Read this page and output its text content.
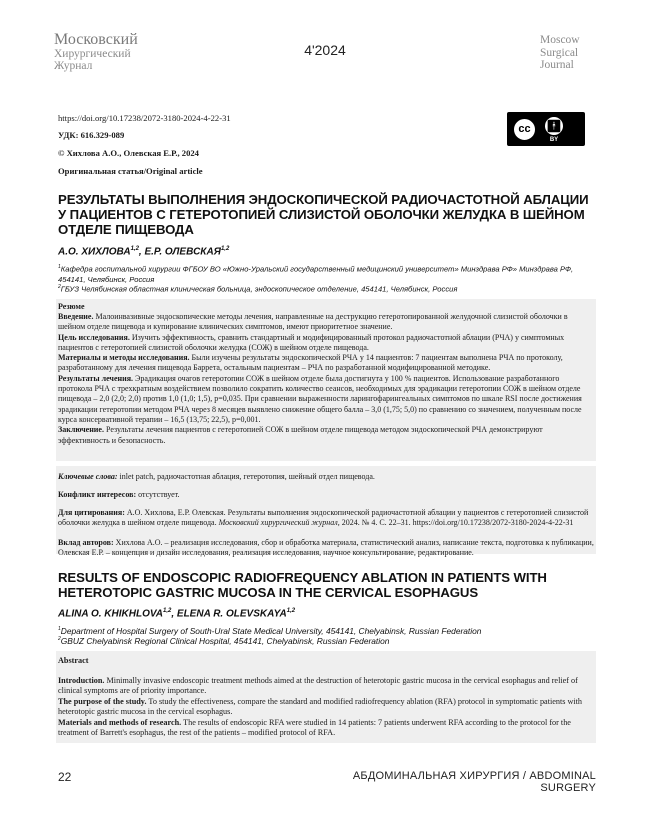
Московский
Хирургический
Журнал
4'2024
Moscow
Surgical
Journal
https://doi.org/10.17238/2072-3180-2024-4-22-31
УДК: 616.329-089
© Хихлова А.О., Олевская Е.Р., 2024
Оригинальная статья/Original article
cc 🚹︎
BY
РЕЗУЛЬТАТЫ ВЫПОЛНЕНИЯ ЭНДОСКОПИЧЕСКОЙ РАДИОЧАСТОТНОЙ АБЛАЦИИ У ПАЦИЕНТОВ С ГЕТЕРОТОПИЕЙ СЛИЗИСТОЙ ОБОЛОЧКИ ЖЕЛУДКА В ШЕЙНОМ ОТДЕЛЕ ПИЩЕВОДА
А.О. ХИХЛОВА$^{1,2}$, Е.Р. ОЛЕВСКАЯ$^{1,2}$
$^1$Кафедра госпитальной хирургии ФГБОУ ВО «Южно-Уральский государственный медицинский университет» Минздрава РФ» Минздрава РФ, 454141, Челябинск, Россия
$^2$ГБУЗ Челябинская областная клиническая больница, эндоскопическое отделение, 454141, Челябинск, Россия
Резюме
Введение. Малоинвазивные эндоскопические методы лечения, направленные на деструкцию гетеротопированной желудочной слизистой оболочки в шейном отделе пищевода и купирование клинических симптомов, имеют приоритетное значение.
Цель исследования. Изучить эффективность, сравнить стандартный и модифицированный протокол радиочастотной аблации (РЧА) у симптомных пациентов с гетеротопией слизистой оболочки желудка (СОЖ) в шейном отделе пищевода.
Материалы и методы исследования. Были изучены результаты эндоскопической РЧА у 14 пациентов: 7 пациентам выполнена РЧА по протоколу, разработанному для лечения пищевода Баррета, остальным пациентам – РЧА по разработанной модифицированной методике.
Результаты лечения. Эрадикация очагов гетеротопии СОЖ в шейном отделе была достигнута у 100 % пациентов. Использование разработанного протокола РЧА с трехкратным воздействием позволило сократить количество сеансов, необходимых для эрадикации гетеротопии СОЖ в шейном отделе пищевода – 2,0 (2,0; 2,0) против 1,0 (1,0; 1,5), p=0,035. При сравнении выраженности ларингофарингеальных симптомов по шкале RSI после достижения эрадикации гетеротопии методом РЧА через 8 месяцев выявлено снижение общего балла – 3,0 (1,75; 5,0) по сравнению со значением, полученным после курса консервативной терапии – 16,5 (13,75; 22,5), p=0,001.
Заключение. Результаты лечения пациентов с гетеротопией СОЖ в шейном отделе пищевода методом эндоскопической РЧА демонстрируют эффективность и безопасность.
Ключевые слова: inlet patch, радиочастотная аблация, гетеротопия, шейный отдел пищевода.
Конфликт интересов: отсутствует.
Для цитирования: А.О. Хихлова, Е.Р. Олевская. Результаты выполнения эндоскопической радиочастотной аблации у пациентов с гетеротопией слизистой оболочки желудка в шейном отделе пищевода. Московский хирургический журнал, 2024. № 4. С. 22–31. https://doi.org/10.17238/2072-3180-2024-4-22-31
Вклад авторов: Хихлова А.О. – реализация исследования, сбор и обработка материала, статистический анализ, написание текста, подготовка к публикации, Олевская Е.Р. – концепция и дизайн исследования, реализация исследования, научное консультирование, редактирование.
RESULTS OF ENDOSCOPIC RADIOFREQUENCY ABLATION IN PATIENTS WITH HETEROTOPIC GASTRIC MUCOSA IN THE CERVICAL ESOPHAGUS
ALINA O. KHIKHLOVA$^{1,2}$, ELENA R. OLEVSKAYA$^{1,2}$
$^1$Department of Hospital Surgery of South-Ural State Medical University, 454141, Chelyabinsk, Russian Federation
$^2$GBUZ Chelyabinsk Regional Clinical Hospital, 454141, Chelyabinsk, Russian Federation
Abstract
Introduction. Minimally invasive endoscopic treatment methods aimed at the destruction of heterotopic gastric mucosa in the cervical esophagus and relief of clinical symptoms are of priority importance.
The purpose of the study. To study the effectiveness, compare the standard and modified radiofrequency ablation (RFA) protocol in symptomatic patients with heterotopic gastric mucosa in the cervical esophagus.
Materials and methods of research. The results of endoscopic RFA were studied in 14 patients: 7 patients underwent RFA according to the protocol for the treatment of Barrett's esophagus, the rest of the patients – modified protocol of RFA.
22	АБДОМИНАЛЬНАЯ ХИРУРГИЯ / ABDOMINAL SURGERY
